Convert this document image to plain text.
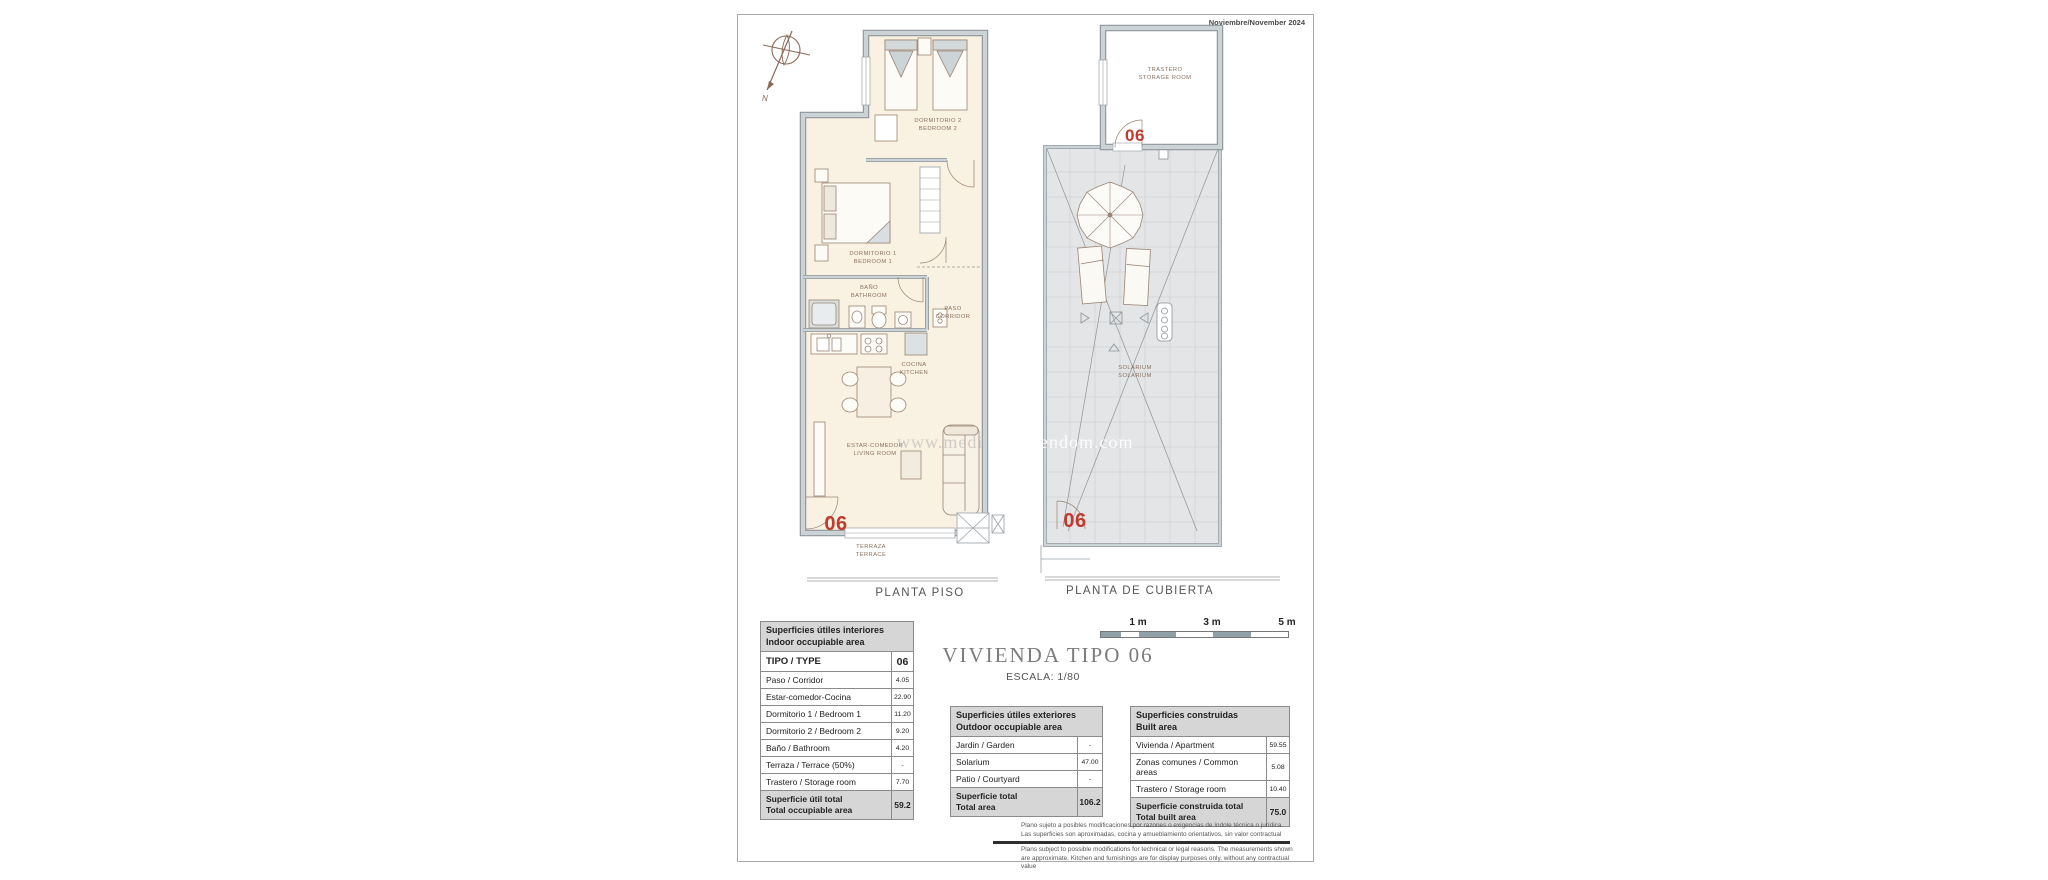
Noviembre/November 2024
N
06
DORMITORIO 2
BEDROOM 2
DORMITORIO 1
BEDROOM 1
BAÑO
BATHROOM
PASO
CORRIDOR
COCINA
KITCHEN
ESTAR-COMEDOR
LIVING ROOM
TERRAZA
TERRACE
06
06
TRASTERO
STORAGE ROOM
SOLARIUM
SOLARIUM
www.medi	endom.com
PLANTA PISO	PLANTA DE CUBIERTA
1 m	3 m	5 m
VIVIENDA TIPO 06
ESCALA: 1/80
Superficies útiles interiores
Indoor occupiable area
TIPO / TYPE	06
Paso / Corridor	4.05
Estar-comedor-Cocina	22.90
Dormitorio 1 / Bedroom 1	11.20
Dormitorio 2 / Bedroom 2	9.20
Baño / Bathroom	4.20
Terraza / Terrace (50%)	-
Trastero / Storage room	7.70
Superficie útil total
Total occupiable area	59.2
Superficies útiles exteriores
Outdoor occupiable area
Jardin / Garden	-
Solarium	47.00
Patio / Courtyard	-
Superficie total
Total area	106.2
Superficies construidas
Built area
Vivienda / Apartment	59.55
Zonas comunes / Common areas	5.08
Trastero / Storage room	10.40
Superficie construida total
Total built area	75.0
Plano sujeto a posibles modificaciones por razones o exigencias de índole técnica o jurídica. Las superficies son aproximadas, cocina y amueblamiento orientativos, sin valor contractual
Plans subject to possible modifications for technical or legal reasons. The measurements shown are approximate. Kitchen and furnishings are for display purposes only, without any contractual value
